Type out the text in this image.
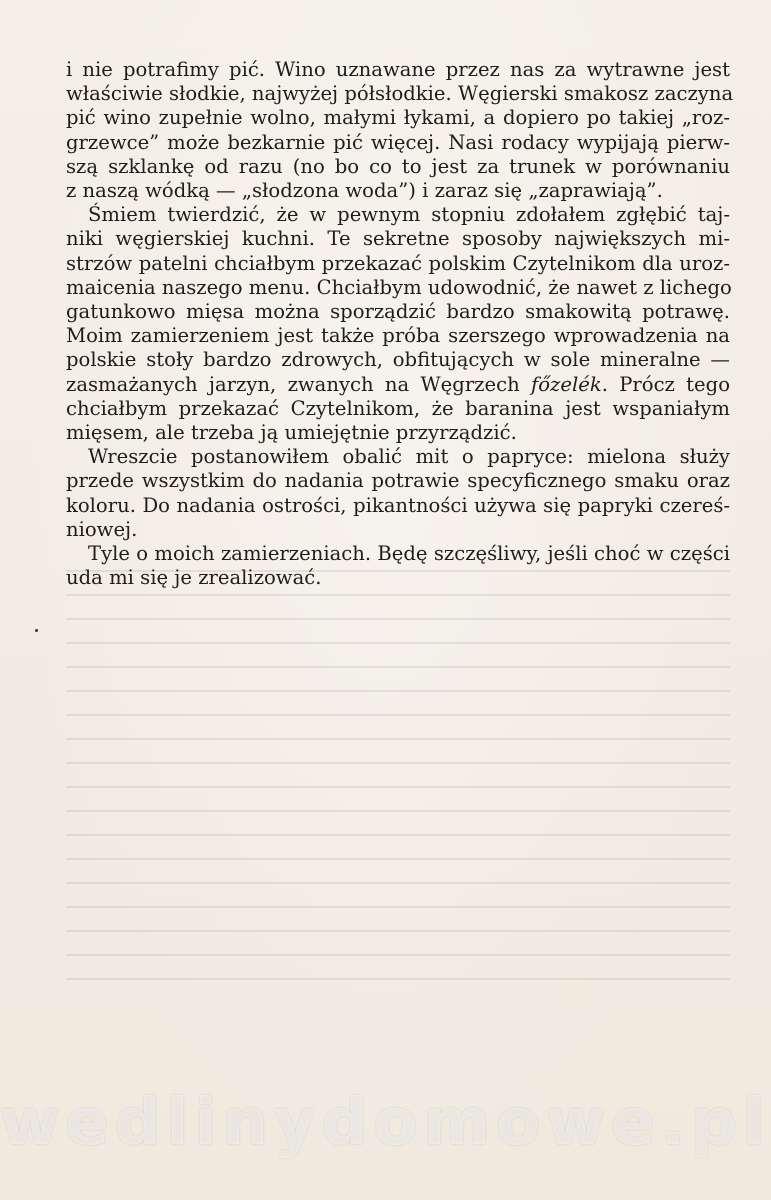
i nie potrafimy pić. Wino uznawane przez nas za wytrawne jest
właściwie słodkie, najwyżej półsłodkie. Węgierski smakosz zaczyna
pić wino zupełnie wolno, małymi łykami, a dopiero po takiej „roz-
grzewce” może bezkarnie pić więcej. Nasi rodacy wypijają pierw-
szą szklankę od razu (no bo co to jest za trunek w porównaniu
z naszą wódką — „słodzona woda”) i zaraz się „zaprawiają”.

Śmiem twierdzić, że w pewnym stopniu zdołałem zgłębić taj-
niki węgierskiej kuchni. Te sekretne sposoby największych mi-
strzów patelni chciałbym przekazać polskim Czytelnikom dla uroz-
maicenia naszego menu. Chciałbym udowodnić, że nawet z lichego
gatunkowo mięsa można sporządzić bardzo smakowitą potrawę.
Moim zamierzeniem jest także próba szerszego wprowadzenia na
polskie stoły bardzo zdrowych, obfitujących w sole mineralne —
zasmażanych jarzyn, zwanych na Węgrzech főzelék. Prócz tego
chciałbym przekazać Czytelnikom, że baranina jest wspaniałym
mięsem, ale trzeba ją umiejętnie przyrządzić.

Wreszcie postanowiłem obalić mit o papryce: mielona służy
przede wszystkim do nadania potrawie specyficznego smaku oraz
koloru. Do nadania ostrości, pikantności używa się papryki czereś-
niowej.

Tyle o moich zamierzeniach. Będę szczęśliwy, jeśli choć w części
uda mi się je zrealizować.

wedlinydomowe.pl
